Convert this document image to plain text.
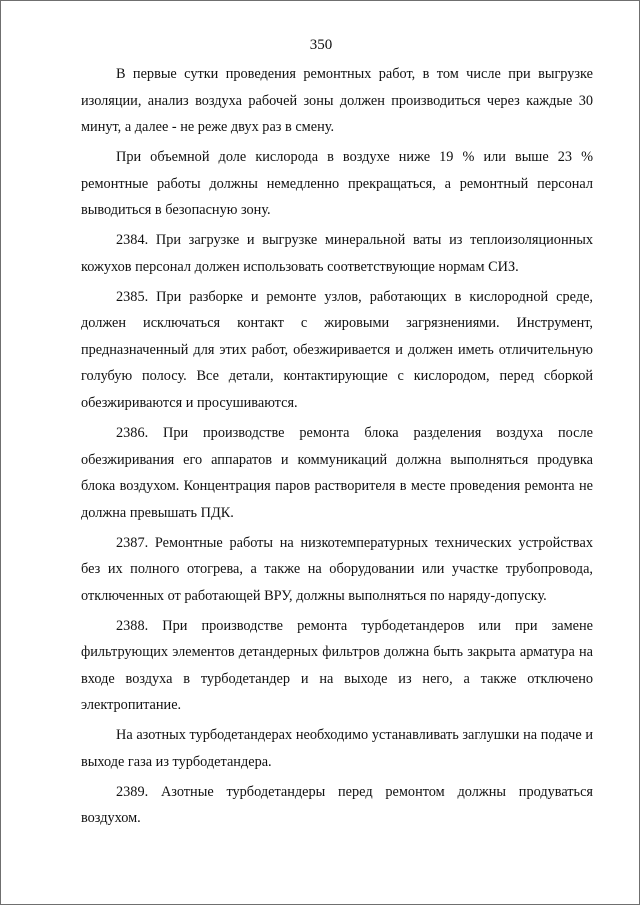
350

В первые сутки проведения ремонтных работ, в том числе при выгрузке изоляции, анализ воздуха рабочей зоны должен производиться через каждые 30 минут, а далее - не реже двух раз в смену.

При объемной доле кислорода в воздухе ниже 19 % или выше 23 % ремонтные работы должны немедленно прекращаться, а ремонтный персонал выводиться в безопасную зону.

2384. При загрузке и выгрузке минеральной ваты из теплоизоляционных кожухов персонал должен использовать соответствующие нормам СИЗ.

2385. При разборке и ремонте узлов, работающих в кислородной среде, должен исключаться контакт с жировыми загрязнениями. Инструмент, предназначенный для этих работ, обезжиривается и должен иметь отличительную голубую полосу. Все детали, контактирующие с кислородом, перед сборкой обезжириваются и просушиваются.

2386. При производстве ремонта блока разделения воздуха после обезжиривания его аппаратов и коммуникаций должна выполняться продувка блока воздухом. Концентрация паров растворителя в месте проведения ремонта не должна превышать ПДК.

2387. Ремонтные работы на низкотемпературных технических устройствах без их полного отогрева, а также на оборудовании или участке трубопровода, отключенных от работающей ВРУ, должны выполняться по наряду-допуску.

2388. При производстве ремонта турбодетандеров или при замене фильтрующих элементов детандерных фильтров должна быть закрыта арматура на входе воздуха в турбодетандер и на выходе из него, а также отключено электропитание.

На азотных турбодетандерах необходимо устанавливать заглушки на подаче и выходе газа из турбодетандера.

2389. Азотные турбодетандеры перед ремонтом должны продуваться воздухом.
